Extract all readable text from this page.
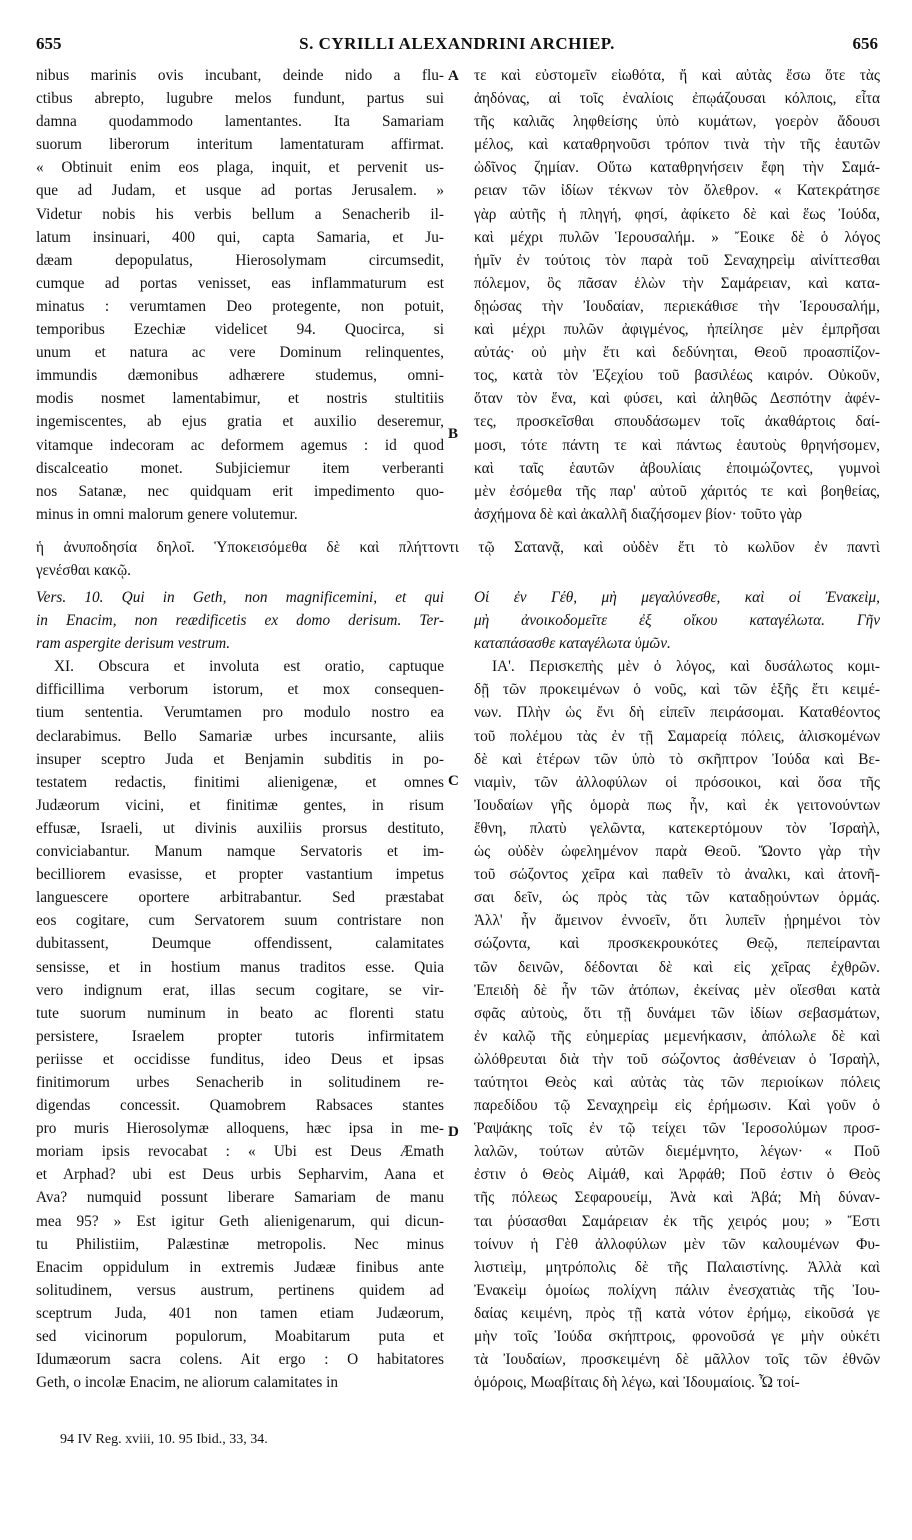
655	S. CYRILLI ALEXANDRINI ARCHIEP.	656
nibus marinis ovis incubant, deinde nido a flu-
ctibus abrepto, lugubre melos fundunt, partus sui
damna quodammodo lamentantes. Ita Samariam
suorum liberorum interitum lamentaturam affirmat.
« Obtinuit enim eos plaga, inquit, et pervenit us-
que ad Judam, et usque ad portas Jerusalem. »
Videtur nobis his verbis bellum a Senacherib il-
latum insinuari, 400 qui, capta Samaria, et Ju-
dæam depopulatus, Hierosolymam circumsedit,
cumque ad portas venisset, eas inflammaturum est
minatus : verumtamen Deo protegente, non potuit,
temporibus Ezechiæ videlicet 94. Quocirca, si
unum et natura ac vere Dominum relinquentes,
immundis dæmonibus adhærere studemus, omni-
modis nosmet lamentabimur, et nostris stultitiis
ingemiscentes, ab ejus gratia et auxilio deseremur,
vitamque indecoram ac deformem agemus : id quod
discalceatio monet. Subjiciemur item verberanti
nos Satanæ, nec quidquam erit impedimento quo-
minus in omni malorum genere volutemur.
τε καὶ εὐστομεῖν εἰωθότα, ἤ καὶ αὐτὰς ἔσω ὅτε τὰς
ἀηδόνας, αἱ τοῖς ἐναλίοις ἐπῳάζουσαι κόλποις, εἶτα
τῆς καλιᾶς ληφθείσης ὑπὸ κυμάτων, γοερὸν ἄδουσι
μέλος, καὶ καταθρηνοῦσι τρόπον τινὰ τὴν τῆς ἑαυτῶν
ὠδῖνος ζημίαν. Οὕτω καταθρηνήσειν ἔφη τὴν Σαμά-
ρειαν τῶν ἰδίων τέκνων τὸν ὄλεθρον. « Κατεκράτησε
γὰρ αὐτῆς ἡ πληγή, φησί, ἀφίκετο δὲ καὶ ἕως Ἰούδα,
καὶ μέχρι πυλῶν Ἱερουσαλήμ. » Ἔοικε δὲ ὁ λόγος
ἡμῖν ἐν τούτοις τὸν παρὰ τοῦ Σεναχηρεὶμ αἰνίττεσθαι
πόλεμον, ὃς πᾶσαν ἑλὼν τὴν Σαμάρειαν, καὶ κατα-
δῃώσας τὴν Ἰουδαίαν, περιεκάθισε τὴν Ἱερουσαλήμ,
καὶ μέχρι πυλῶν ἀφιγμένος, ἠπείλησε μὲν ἐμπρῆσαι
αὐτάς· οὐ μὴν ἔτι καὶ δεδύνηται, Θεοῦ προασπίζον-
τος, κατὰ τὸν Ἐζεχίου τοῦ βασιλέως καιρόν. Οὐκοῦν,
ὅταν τὸν ἕνα, καὶ φύσει, καὶ ἀληθῶς Δεσπότην ἀφέν-
τες, προσκεῖσθαι σπουδάσωμεν τοῖς ἀκαθάρτοις δαί-
μοσι, τότε πάντη τε καὶ πάντως ἑαυτοὺς θρηνήσομεν,
καὶ ταῖς ἑαυτῶν ἀβουλίαις ἐποιμώζοντες, γυμνοὶ
μὲν ἐσόμεθα τῆς παρ' αὐτοῦ χάριτός τε καὶ βοηθείας,
ἀσχήμονα δὲ καὶ ἀκαλλῆ διαζήσομεν βίον· τοῦτο γὰρ
A
B
C
D
ἡ ἀνυποδησία δηλοῖ. Ὑποκεισόμεθα δὲ καὶ πλήττοντι τῷ Σατανᾷ, καὶ οὐδὲν ἔτι τὸ κωλῦον ἐν παντὶ
γενέσθαι κακῷ.
Vers. 10. Qui in Geth, non magnificemini, et qui
in Enacim, non reædificetis ex domo derisum. Ter-
ram aspergite derisum vestrum.
XI. Obscura et involuta est oratio, captuque
difficillima verborum istorum, et mox consequen-
tium sententia. Verumtamen pro modulo nostro ea
declarabimus. Bello Samariæ urbes incursante, aliis
insuper sceptro Juda et Benjamin subditis in po-
testatem redactis, finitimi alienigenæ, et omnes
Judæorum vicini, et finitimæ gentes, in risum
effusæ, Israeli, ut divinis auxiliis prorsus destituto,
conviciabantur. Manum namque Servatoris et im-
becilliorem evasisse, et propter vastantium impetus
languescere oportere arbitrabantur. Sed præstabat
eos cogitare, cum Servatorem suum contristare non
dubitassent, Deumque offendissent, calamitates
sensisse, et in hostium manus traditos esse. Quia
vero indignum erat, illas secum cogitare, se vir-
tute suorum numinum in beato ac florenti statu
persistere, Israelem propter tutoris infirmitatem
periisse et occidisse funditus, ideo Deus et ipsas
finitimorum urbes Senacherib in solitudinem re-
digendas concessit. Quamobrem Rabsaces stantes
pro muris Hierosolymæ alloquens, hæc ipsa in me-
moriam ipsis revocabat : « Ubi est Deus Æmath
et Arphad? ubi est Deus urbis Sepharvim, Aana et
Ava? numquid possunt liberare Samariam de manu
mea 95? » Est igitur Geth alienigenarum, qui dicun-
tu Philistiim, Palæstinæ metropolis. Nec minus
Enacim oppidulum in extremis Judææ finibus ante
solitudinem, versus austrum, pertinens quidem ad
sceptrum Juda, 401 non tamen etiam Judæorum,
sed vicinorum populorum, Moabitarum puta et
Idumæorum sacra colens. Ait ergo : O habitatores
Geth, o incolæ Enacim, ne aliorum calamitates in
Οἱ ἐν Γέθ, μὴ μεγαλύνεσθε, καὶ οἱ Ἐνακεὶμ,
μὴ ἀνοικοδομεῖτε ἐξ οἴκου καταγέλωτα. Γῆν
καταπάσασθε καταγέλωτα ὑμῶν.
ΙΑ'. Περισκεπὴς μὲν ὁ λόγος, καὶ δυσάλωτος κομι-
δῇ τῶν προκειμένων ὁ νοῦς, καὶ τῶν ἑξῆς ἔτι κειμέ-
νων. Πλὴν ὡς ἔνι δὴ εἰπεῖν πειράσομαι. Καταθέοντος
τοῦ πολέμου τὰς ἐν τῇ Σαμαρείᾳ πόλεις, ἁλισκομένων
δὲ καὶ ἑτέρων τῶν ὑπὸ τὸ σκῆπτρον Ἰούδα καὶ Βε-
νιαμὶν, τῶν ἀλλοφύλων οἱ πρόσοικοι, καὶ ὅσα τῆς
Ἰουδαίων γῆς ὁμορὰ πως ἦν, καὶ ἐκ γειτονούντων
ἔθνη, πλατὺ γελῶντα, κατεκερτόμουν τὸν Ἰσραὴλ,
ὡς οὐδὲν ὠφελημένον παρὰ Θεοῦ. Ὤοντο γὰρ τὴν
τοῦ σώζοντος χεῖρα καὶ παθεῖν τὸ ἀναλκι, καὶ ἀτονῆ-
σαι δεῖν, ὡς πρὸς τὰς τῶν καταδῃούντων ὁρμάς.
Ἀλλ' ἦν ἄμεινον ἐννοεῖν, ὅτι λυπεῖν ᾑρημένοι τὸν
σώζοντα, καὶ προσκεκρουκότες Θεῷ, πεπείρανται
τῶν δεινῶν, δέδονται δὲ καὶ εἰς χεῖρας ἐχθρῶν.
Ἐπειδὴ δὲ ἦν τῶν ἀτόπων, ἐκείνας μὲν οἴεσθαι κατὰ
σφᾶς αὐτοὺς, ὅτι τῇ δυνάμει τῶν ἰδίων σεβασμάτων,
ἐν καλῷ τῆς εὐημερίας μεμενήκασιν, ἀπόλωλε δὲ καὶ
ὠλόθρευται διὰ τὴν τοῦ σώζοντος ἀσθένειαν ὁ Ἰσραὴλ,
ταύτητοι Θεὸς καὶ αὐτὰς τὰς τῶν περιοίκων πόλεις
παρεδίδου τῷ Σεναχηρεὶμ εἰς ἐρήμωσιν. Καὶ γοῦν ὁ
Ῥαψάκης τοῖς ἐν τῷ τείχει τῶν Ἱεροσολύμων προσ-
λαλῶν, τούτων αὐτῶν διεμέμνητο, λέγων· « Ποῦ
ἐστιν ὁ Θεὸς Αἰμάθ, καὶ Ἀρφάθ; Ποῦ ἐστιν ὁ Θεὸς
τῆς πόλεως Σεφαρουείμ, Ἀνὰ καὶ Ἀβά; Μὴ δύναν-
ται ῥύσασθαι Σαμάρειαν ἐκ τῆς χειρός μου; » Ἔστι
τοίνυν ἡ Γὲθ ἀλλοφύλων μὲν τῶν καλουμένων Φυ-
λιστιεὶμ, μητρόπολις δὲ τῆς Παλαιστίνης. Ἀλλὰ καὶ
Ἐνακεὶμ ὁμοίως πολίχνη πάλιν ἐνεσχατιὰς τῆς Ἰου-
δαίας κειμένη, πρὸς τῇ κατὰ νότον ἐρήμῳ, εἰκοῦσά γε
μὴν τοῖς Ἰούδα σκήπτροις, φρονοῦσά γε μὴν οὐκέτι
τὰ Ἰουδαίων, προσκειμένη δὲ μᾶλλον τοῖς τῶν ἐθνῶν
ὁμόροις, Μωαβίταις δὴ λέγω, καὶ Ἰδουμαίοις. Ὦ τοί-
94 IV Reg. xviii, 10. 95 Ibid., 33, 34.
